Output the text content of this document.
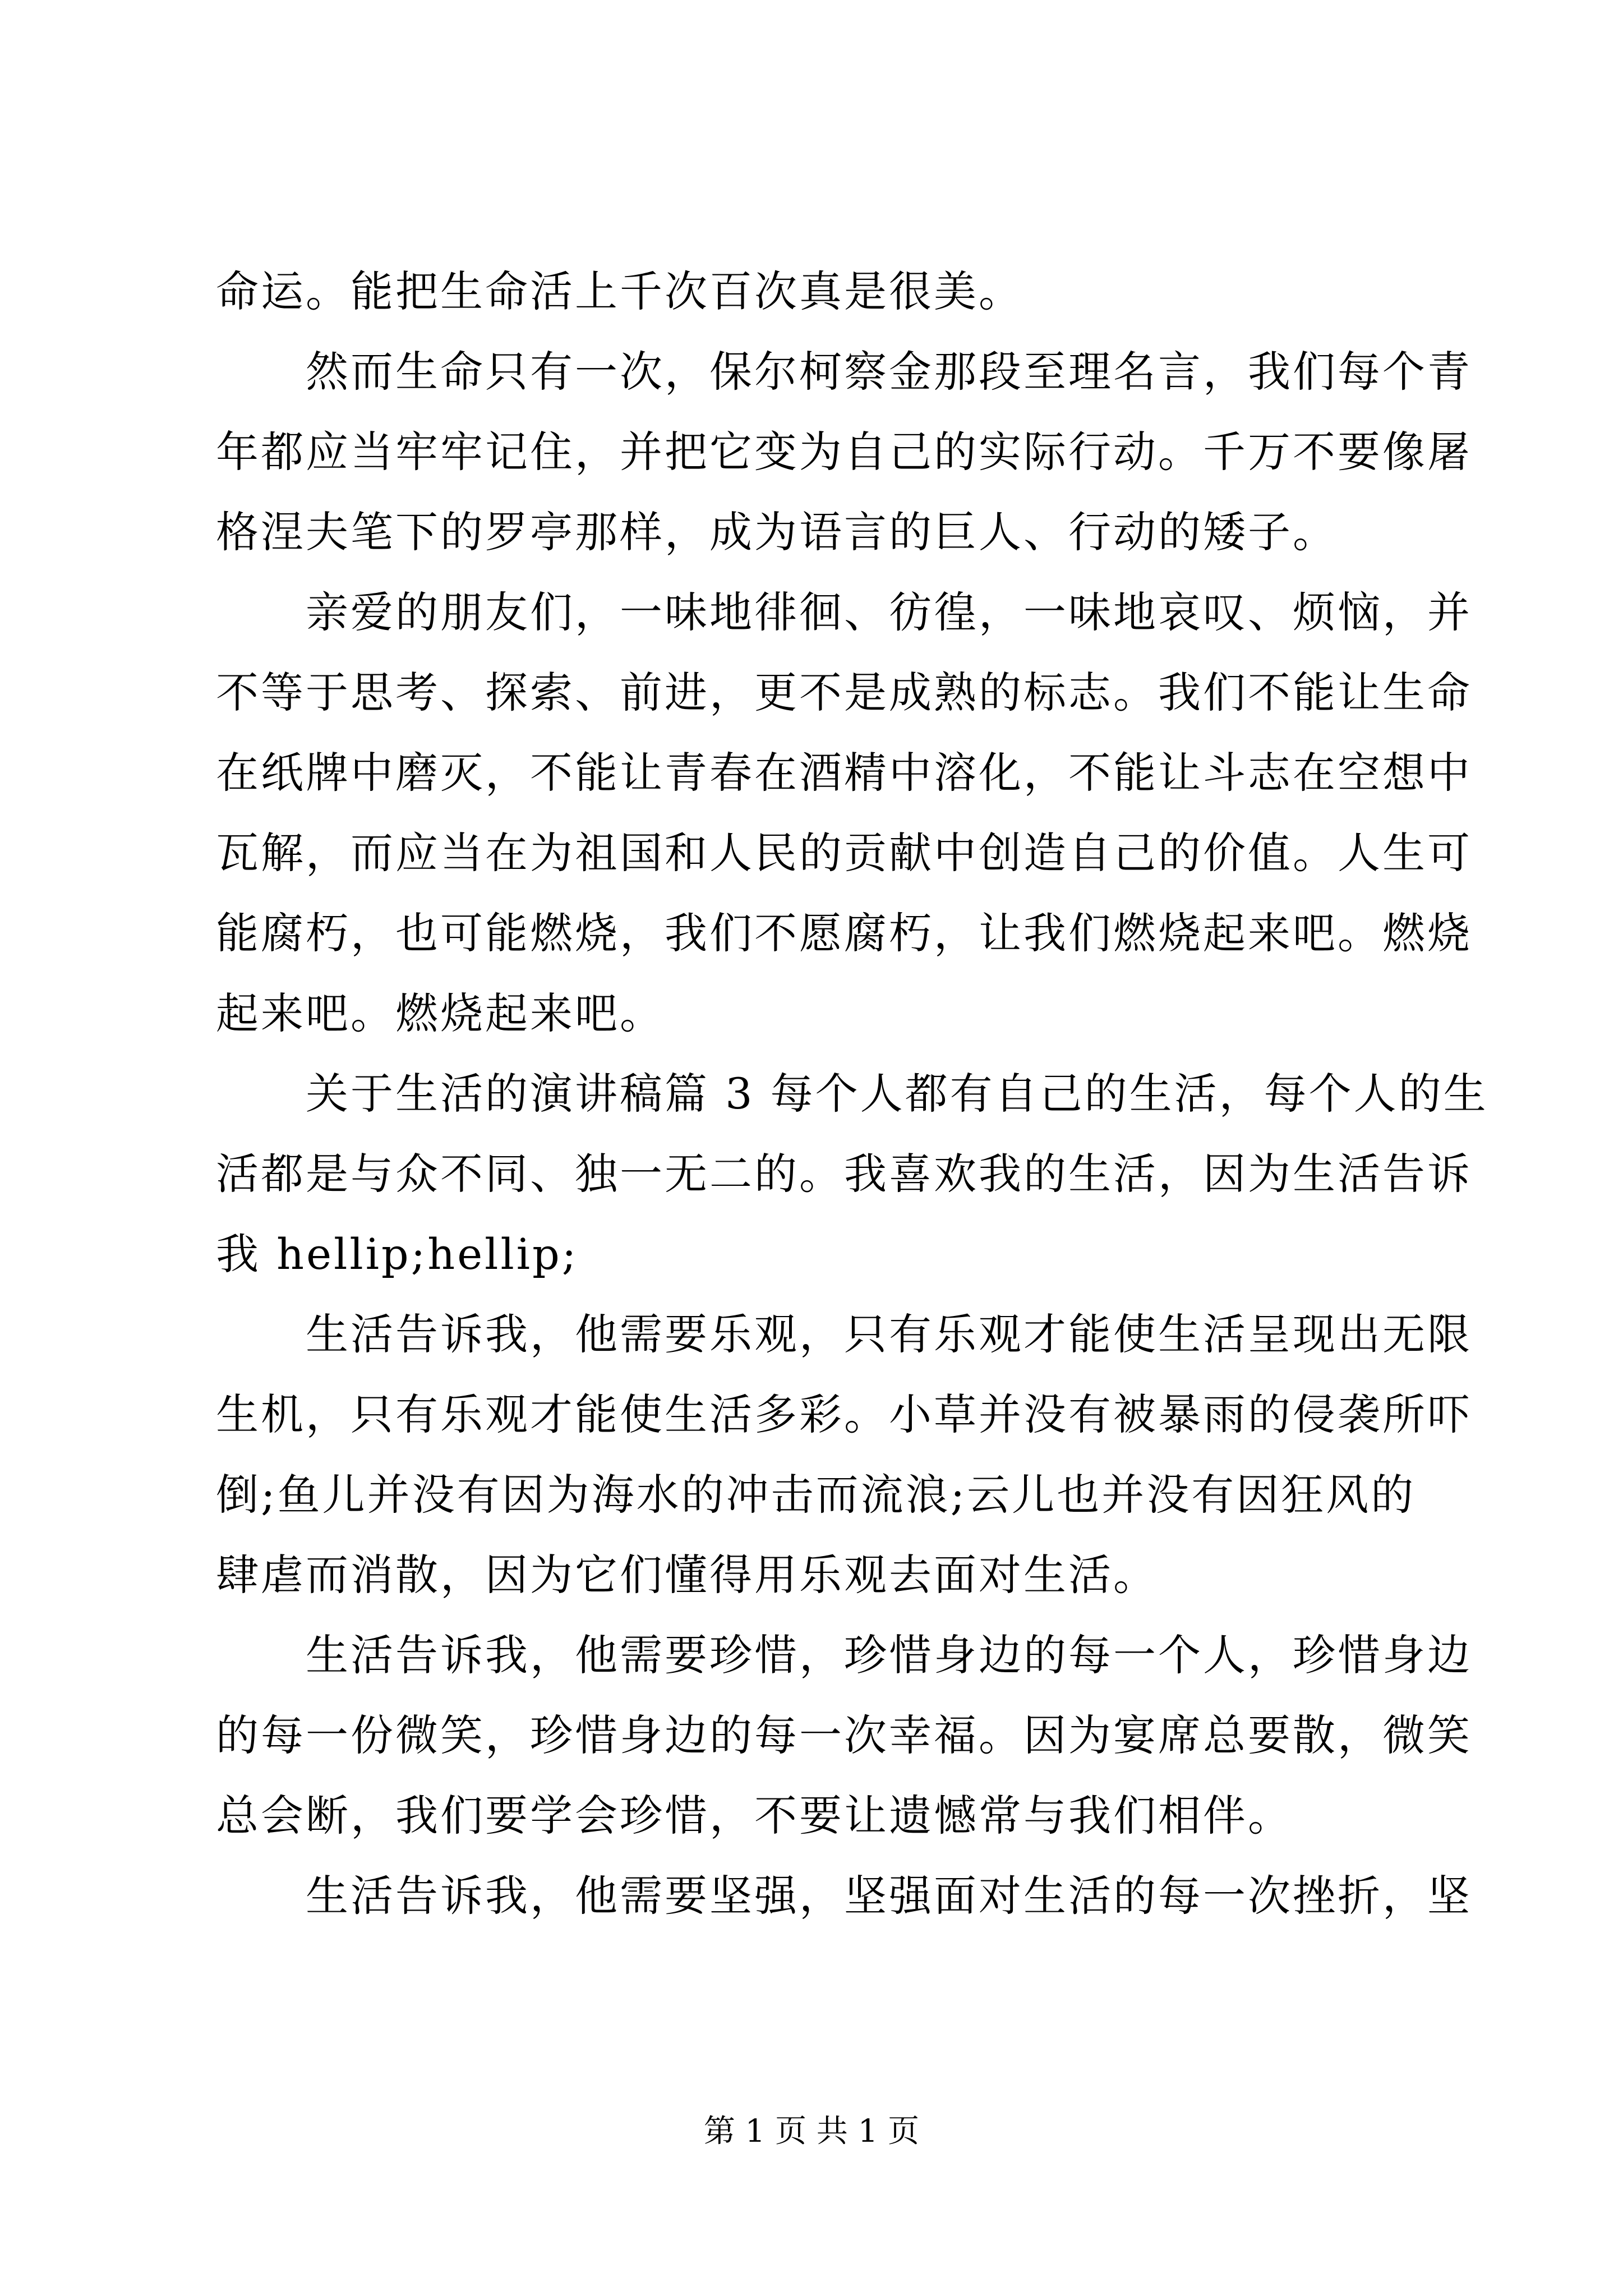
命运。能把生命活上千次百次真是很美。
然而生命只有一次，保尔柯察金那段至理名言，我们每个青
年都应当牢牢记住，并把它变为自己的实际行动。千万不要像屠
格涅夫笔下的罗亭那样，成为语言的巨人、行动的矮子。
亲爱的朋友们，一味地徘徊、彷徨，一味地哀叹、烦恼，并
不等于思考、探索、前进，更不是成熟的标志。我们不能让生命
在纸牌中磨灭，不能让青春在酒精中溶化，不能让斗志在空想中
瓦解，而应当在为祖国和人民的贡献中创造自己的价值。人生可
能腐朽，也可能燃烧，我们不愿腐朽，让我们燃烧起来吧。燃烧
起来吧。燃烧起来吧。
关于生活的演讲稿篇 3 每个人都有自己的生活，每个人的生
活都是与众不同、独一无二的。我喜欢我的生活，因为生活告诉
我 hellip;hellip;
生活告诉我，他需要乐观，只有乐观才能使生活呈现出无限
生机，只有乐观才能使生活多彩。小草并没有被暴雨的侵袭所吓
倒;鱼儿并没有因为海水的冲击而流浪;云儿也并没有因狂风的
肆虐而消散，因为它们懂得用乐观去面对生活。
生活告诉我，他需要珍惜，珍惜身边的每一个人，珍惜身边
的每一份微笑，珍惜身边的每一次幸福。因为宴席总要散，微笑
总会断，我们要学会珍惜，不要让遗憾常与我们相伴。
生活告诉我，他需要坚强，坚强面对生活的每一次挫折，坚
第 1 页 共 1 页
